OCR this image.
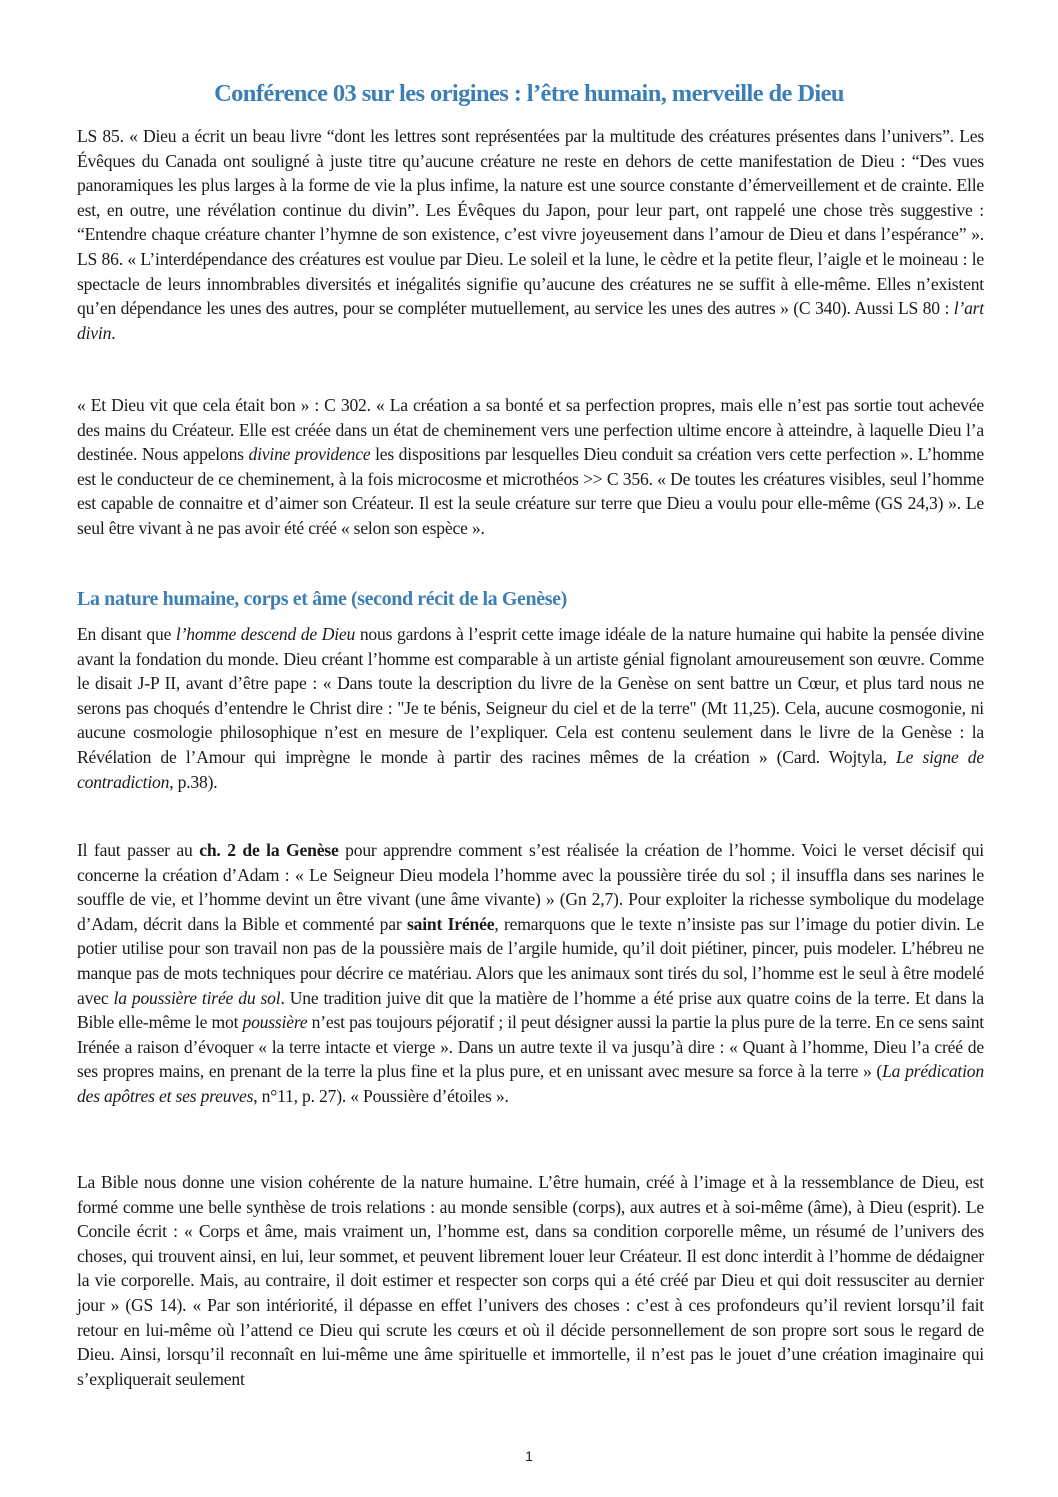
Conférence 03 sur les origines : l’être humain, merveille de Dieu

LS 85. « Dieu a écrit un beau livre “dont les lettres sont représentées par la multitude des créatures présentes dans l’univers”. Les Évêques du Canada ont souligné à juste titre qu’aucune créature ne reste en dehors de cette manifestation de Dieu : “Des vues panoramiques les plus larges à la forme de vie la plus infime, la nature est une source constante d’émerveillement et de crainte. Elle est, en outre, une révélation continue du divin”. Les Évêques du Japon, pour leur part, ont rappelé une chose très suggestive : “Entendre chaque créature chanter l’hymne de son existence, c’est vivre joyeusement dans l’amour de Dieu et dans l’espérance” ». LS 86. « L’interdépendance des créatures est voulue par Dieu. Le soleil et la lune, le cèdre et la petite fleur, l’aigle et le moineau : le spectacle de leurs innombrables diversités et inégalités signifie qu’aucune des créatures ne se suffit à elle-même. Elles n’existent qu’en dépendance les unes des autres, pour se compléter mutuellement, au service les unes des autres » (C 340). Aussi LS 80 : l’art divin.

« Et Dieu vit que cela était bon » : C 302. « La création a sa bonté et sa perfection propres, mais elle n’est pas sortie tout achevée des mains du Créateur. Elle est créée dans un état de cheminement vers une perfection ultime encore à atteindre, à laquelle Dieu l’a destinée. Nous appelons divine providence les dispositions par lesquelles Dieu conduit sa création vers cette perfection ». L’homme est le conducteur de ce cheminement, à la fois microcosme et microthéos >> C 356. « De toutes les créatures visibles, seul l’homme est capable de connaitre et d’aimer son Créateur. Il est la seule créature sur terre que Dieu a voulu pour elle-même (GS 24,3) ». Le seul être vivant à ne pas avoir été créé « selon son espèce ».

La nature humaine, corps et âme (second récit de la Genèse)

En disant que l’homme descend de Dieu nous gardons à l’esprit cette image idéale de la nature humaine qui habite la pensée divine avant la fondation du monde. Dieu créant l’homme est comparable à un artiste génial fignolant amoureusement son œuvre. Comme le disait J-P II, avant d’être pape : « Dans toute la description du livre de la Genèse on sent battre un Cœur, et plus tard nous ne serons pas choqués d’entendre le Christ dire : "Je te bénis, Seigneur du ciel et de la terre" (Mt 11,25). Cela, aucune cosmogonie, ni aucune cosmologie philosophique n’est en mesure de l’expliquer. Cela est contenu seulement dans le livre de la Genèse : la Révélation de l’Amour qui imprègne le monde à partir des racines mêmes de la création » (Card. Wojtyla, Le signe de contradiction, p.38).

Il faut passer au ch. 2 de la Genèse pour apprendre comment s’est réalisée la création de l’homme. Voici le verset décisif qui concerne la création d’Adam : « Le Seigneur Dieu modela l’homme avec la poussière tirée du sol ; il insuffla dans ses narines le souffle de vie, et l’homme devint un être vivant (une âme vivante) » (Gn 2,7). Pour exploiter la richesse symbolique du modelage d’Adam, décrit dans la Bible et commenté par saint Irénée, remarquons que le texte n’insiste pas sur l’image du potier divin. Le potier utilise pour son travail non pas de la poussière mais de l’argile humide, qu’il doit piétiner, pincer, puis modeler. L’hébreu ne manque pas de mots techniques pour décrire ce matériau. Alors que les animaux sont tirés du sol, l’homme est le seul à être modelé avec la poussière tirée du sol. Une tradition juive dit que la matière de l’homme a été prise aux quatre coins de la terre. Et dans la Bible elle-même le mot poussière n’est pas toujours péjoratif ; il peut désigner aussi la partie la plus pure de la terre. En ce sens saint Irénée a raison d’évoquer « la terre intacte et vierge ». Dans un autre texte il va jusqu’à dire : « Quant à l’homme, Dieu l’a créé de ses propres mains, en prenant de la terre la plus fine et la plus pure, et en unissant avec mesure sa force à la terre » (La prédication des apôtres et ses preuves, n°11, p. 27). « Poussière d’étoiles ».

La Bible nous donne une vision cohérente de la nature humaine. L’être humain, créé à l’image et à la ressemblance de Dieu, est formé comme une belle synthèse de trois relations : au monde sensible (corps), aux autres et à soi-même (âme), à Dieu (esprit). Le Concile écrit : « Corps et âme, mais vraiment un, l’homme est, dans sa condition corporelle même, un résumé de l’univers des choses, qui trouvent ainsi, en lui, leur sommet, et peuvent librement louer leur Créateur. Il est donc interdit à l’homme de dédaigner la vie corporelle. Mais, au contraire, il doit estimer et respecter son corps qui a été créé par Dieu et qui doit ressusciter au dernier jour » (GS 14). « Par son intériorité, il dépasse en effet l’univers des choses : c’est à ces profondeurs qu’il revient lorsqu’il fait retour en lui-même où l’attend ce Dieu qui scrute les cœurs et où il décide personnellement de son propre sort sous le regard de Dieu. Ainsi, lorsqu’il reconnaît en lui-même une âme spirituelle et immortelle, il n’est pas le jouet d’une création imaginaire qui s’expliquerait seulement

1
